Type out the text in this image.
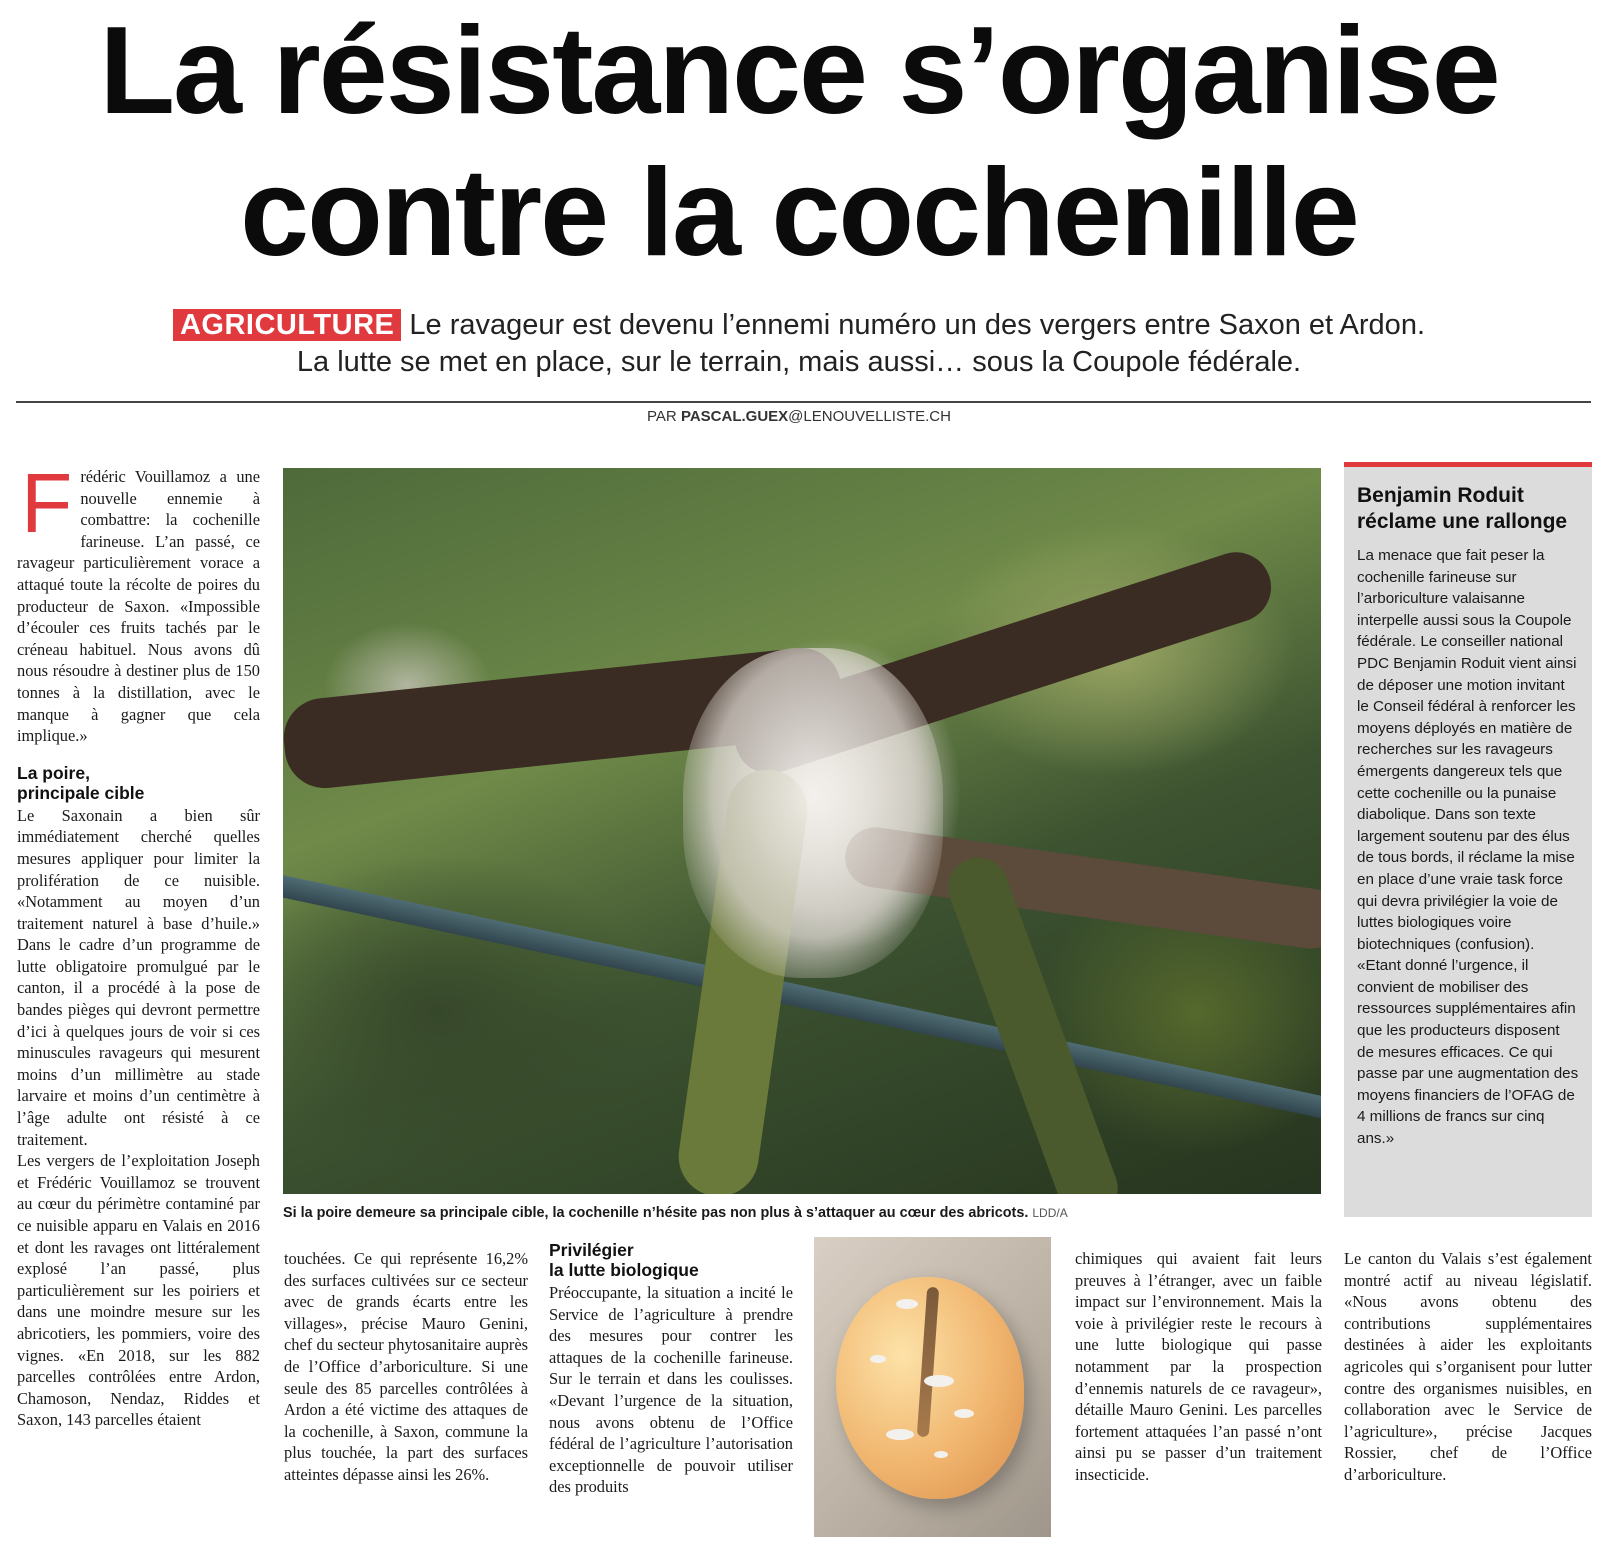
La résistance s’organise
contre la cochenille
AGRICULTURE Le ravageur est devenu l’ennemi numéro un des vergers entre Saxon et Ardon.
La lutte se met en place, sur le terrain, mais aussi… sous la Coupole fédérale.
PAR PASCAL.GUEX@LENOUVELLISTE.CH

Frédéric Vouillamoz a une nouvelle ennemie à combattre: la cochenille farineuse. L’an passé, ce ravageur particulièrement vorace a attaqué toute la récolte de poires du producteur de Saxon. «Impossible d’écouler ces fruits tachés par le créneau habituel. Nous avons dû nous résoudre à destiner plus de 150 tonnes à la distillation, avec le manque à gagner que cela implique.»

La poire,
principale cible

Le Saxonain a bien sûr immédiatement cherché quelles mesures appliquer pour limiter la prolifération de ce nuisible. «Notamment au moyen d’un traitement naturel à base d’huile.» Dans le cadre d’un programme de lutte obligatoire promulgué par le canton, il a procédé à la pose de bandes pièges qui devront permettre d’ici à quelques jours de voir si ces minuscules ravageurs qui mesurent moins d’un millimètre au stade larvaire et moins d’un centimètre à l’âge adulte ont résisté à ce traitement.

Les vergers de l’exploitation Joseph et Frédéric Vouillamoz se trouvent au cœur du périmètre contaminé par ce nuisible apparu en Valais en 2016 et dont les ravages ont littéralement explosé l’an passé, plus particulièrement sur les poiriers et dans une moindre mesure sur les abricotiers, les pommiers, voire des vignes. «En 2018, sur les 882 parcelles contrôlées entre Ardon, Chamoson, Nendaz, Riddes et Saxon, 143 parcelles étaient

Si la poire demeure sa principale cible, la cochenille n’hésite pas non plus à s’attaquer au cœur des abricots. LDD/A

touchées. Ce qui représente 16,2% des surfaces cultivées sur ce secteur avec de grands écarts entre les villages», précise Mauro Genini, chef du secteur phytosanitaire auprès de l’Office d’arboriculture. Si une seule des 85 parcelles contrôlées à Ardon a été victime des attaques de la cochenille, à Saxon, commune la plus touchée, la part des surfaces atteintes dépasse ainsi les 26%.

Privilégier
la lutte biologique

Préoccupante, la situation a incité le Service de l’agriculture à prendre des mesures pour contrer les attaques de la cochenille farineuse. Sur le terrain et dans les coulisses. «Devant l’urgence de la situation, nous avons obtenu de l’Office fédéral de l’agriculture l’autorisation exceptionnelle de pouvoir utiliser des produits

chimiques qui avaient fait leurs preuves à l’étranger, avec un faible impact sur l’environnement. Mais la voie à privilégier reste le recours à une lutte biologique qui passe notamment par la prospection d’ennemis naturels de ce ravageur», détaille Mauro Genini. Les parcelles fortement attaquées l’an passé n’ont ainsi pu se passer d’un traitement insecticide.

Le canton du Valais s’est également montré actif au niveau législatif. «Nous avons obtenu des contributions supplémentaires destinées à aider les exploitants agricoles qui s’organisent pour lutter contre des organismes nuisibles, en collaboration avec le Service de l’agriculture», précise Jacques Rossier, chef de l’Office d’arboriculture.

Benjamin Roduit
réclame une rallonge
La menace que fait peser la cochenille farineuse sur l’arboriculture valaisanne interpelle aussi sous la Coupole fédérale. Le conseiller national PDC Benjamin Roduit vient ainsi de déposer une motion invitant le Conseil fédéral à renforcer les moyens déployés en matière de recherches sur les ravageurs émergents dangereux tels que cette cochenille ou la punaise diabolique. Dans son texte largement soutenu par des élus de tous bords, il réclame la mise en place d’une vraie task force qui devra privilégier la voie de luttes biologiques voire biotechniques (confusion). «Etant donné l’urgence, il convient de mobiliser des ressources supplémentaires afin que les producteurs disposent de mesures efficaces. Ce qui passe par une augmentation des moyens financiers de l’OFAG de 4 millions de francs sur cinq ans.»
